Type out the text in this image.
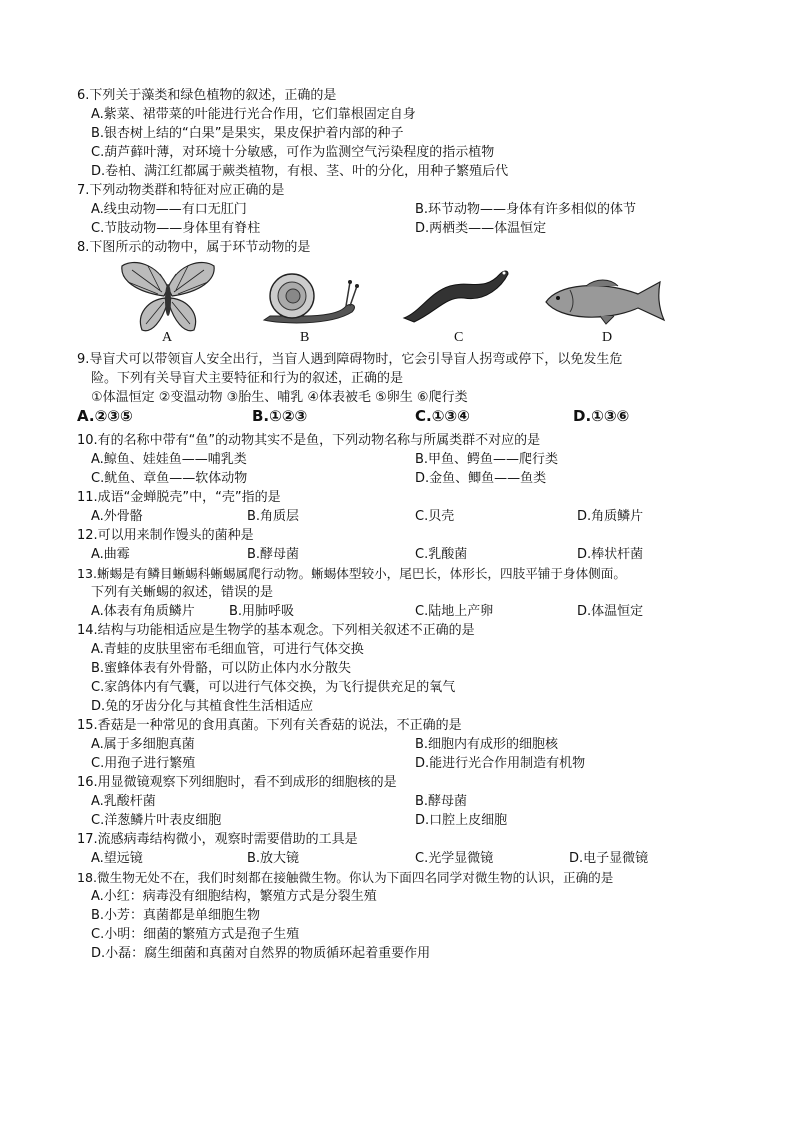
6.下列关于藻类和绿色植物的叙述，正确的是
A.紫菜、裙带菜的叶能进行光合作用，它们靠根固定自身
B.银杏树上结的“白果”是果实，果皮保护着内部的种子
C.葫芦藓叶薄，对环境十分敏感，可作为监测空气污染程度的指示植物
D.卷柏、满江红都属于蕨类植物，有根、茎、叶的分化，用种子繁殖后代
7.下列动物类群和特征对应正确的是
A.线虫动物——有口无肛门	B.环节动物——身体有许多相似的体节
C.节肢动物——身体里有脊柱	D.两栖类——体温恒定
8.下图所示的动物中，属于环节动物的是
A	B	C	D
9.导盲犬可以带领盲人安全出行，当盲人遇到障碍物时，它会引导盲人拐弯或停下，以免发生危
险。下列有关导盲犬主要特征和行为的叙述，正确的是
①体温恒定 ②变温动物 ③胎生、哺乳 ④体表被毛 ⑤卵生 ⑥爬行类
A.②③⑤	B.①②③	C.①③④	D.①③⑥
10.有的名称中带有“鱼”的动物其实不是鱼，下列动物名称与所属类群不对应的是
A.鲸鱼、娃娃鱼——哺乳类	B.甲鱼、鳄鱼——爬行类
C.鱿鱼、章鱼——软体动物	D.金鱼、鲫鱼——鱼类
11.成语“金蝉脱壳”中，“壳”指的是
A.外骨骼	B.角质层	C.贝壳	D.角质鳞片
12.可以用来制作馒头的菌种是
A.曲霉	B.酵母菌	C.乳酸菌	D.棒状杆菌
13.蜥蜴是有鳞目蜥蜴科蜥蜴属爬行动物。蜥蜴体型较小，尾巴长，体形长，四肢平铺于身体侧面。
下列有关蜥蜴的叙述，错误的是
A.体表有角质鳞片	B.用肺呼吸	C.陆地上产卵	D.体温恒定
14.结构与功能相适应是生物学的基本观念。下列相关叙述不正确的是
A.青蛙的皮肤里密布毛细血管，可进行气体交换
B.蜜蜂体表有外骨骼，可以防止体内水分散失
C.家鸽体内有气囊，可以进行气体交换，为飞行提供充足的氧气
D.兔的牙齿分化与其植食性生活相适应
15.香菇是一种常见的食用真菌。下列有关香菇的说法，不正确的是
A.属于多细胞真菌	B.细胞内有成形的细胞核
C.用孢子进行繁殖	D.能进行光合作用制造有机物
16.用显微镜观察下列细胞时，看不到成形的细胞核的是
A.乳酸杆菌	B.酵母菌
C.洋葱鳞片叶表皮细胞	D.口腔上皮细胞
17.流感病毒结构微小，观察时需要借助的工具是
A.望远镜	B.放大镜	C.光学显微镜	D.电子显微镜
18.微生物无处不在，我们时刻都在接触微生物。你认为下面四名同学对微生物的认识，正确的是
A.小红：病毒没有细胞结构，繁殖方式是分裂生殖
B.小芳：真菌都是单细胞生物
C.小明：细菌的繁殖方式是孢子生殖
D.小磊：腐生细菌和真菌对自然界的物质循环起着重要作用
